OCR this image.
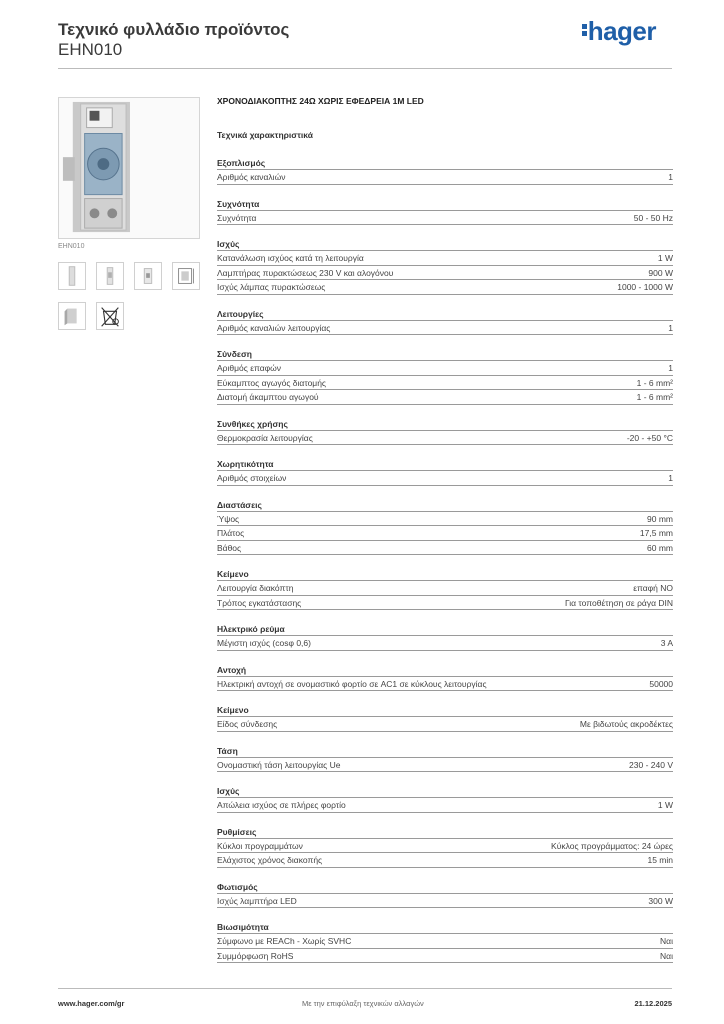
Τεχνικό φυλλάδιο προϊόντος
EHN010
hager
EHN010
ΧΡΟΝΟΔΙΑΚΟΠΤΗΣ 24Ω ΧΩΡΙΣ ΕΦΕΔΡΕΙΑ 1M LED
Τεχνικά χαρακτηριστικά
Εξοπλισμός
Αριθμός καναλιών	1
Συχνότητα
Συχνότητα	50 - 50 Hz
Ισχύς
Κατανάλωση ισχύος κατά τη λειτουργία	1 W
Λαμπτήρας πυρακτώσεως 230 V και αλογόνου	900 W
Ισχύς λάμπας πυρακτώσεως	1000 - 1000 W
Λειτουργίες
Αριθμός καναλιών λειτουργίας	1
Σύνδεση
Αριθμός επαφών	1
Εύκαμπτος αγωγός διατομής	1 - 6 mm²
Διατομή άκαμπτου αγωγού	1 - 6 mm²
Συνθήκες χρήσης
Θερμοκρασία λειτουργίας	-20 - +50 °C
Χωρητικότητα
Αριθμός στοιχείων	1
Διαστάσεις
Ύψος	90 mm
Πλάτος	17,5 mm
Βάθος	60 mm
Κείμενο
Λειτουργία διακόπτη	επαφή NO
Τρόπος εγκατάστασης	Για τοποθέτηση σε ράγα DIN
Ηλεκτρικό ρεύμα
Μέγιστη ισχύς (cosφ 0,6)	3 A
Αντοχή
Ηλεκτρική αντοχή σε ονομαστικό φορτίο σε AC1 σε κύκλους λειτουργίας	50000
Κείμενο
Είδος σύνδεσης	Με βιδωτούς ακροδέκτες
Τάση
Ονομαστική τάση λειτουργίας Ue	230 - 240 V
Ισχύς
Απώλεια ισχύος σε πλήρες φορτίο	1 W
Ρυθμίσεις
Κύκλοι προγραμμάτων	Κύκλος προγράμματος: 24 ώρες
Ελάχιστος χρόνος διακοπής	15 min
Φωτισμός
Ισχύς λαμπτήρα LED	300 W
Βιωσιμότητα
Σύμφωνο με REACh - Χωρίς SVHC	Ναι
Συμμόρφωση RoHS	Ναι
www.hager.com/gr	Με την επιφύλαξη τεχνικών αλλαγών	21.12.2025
